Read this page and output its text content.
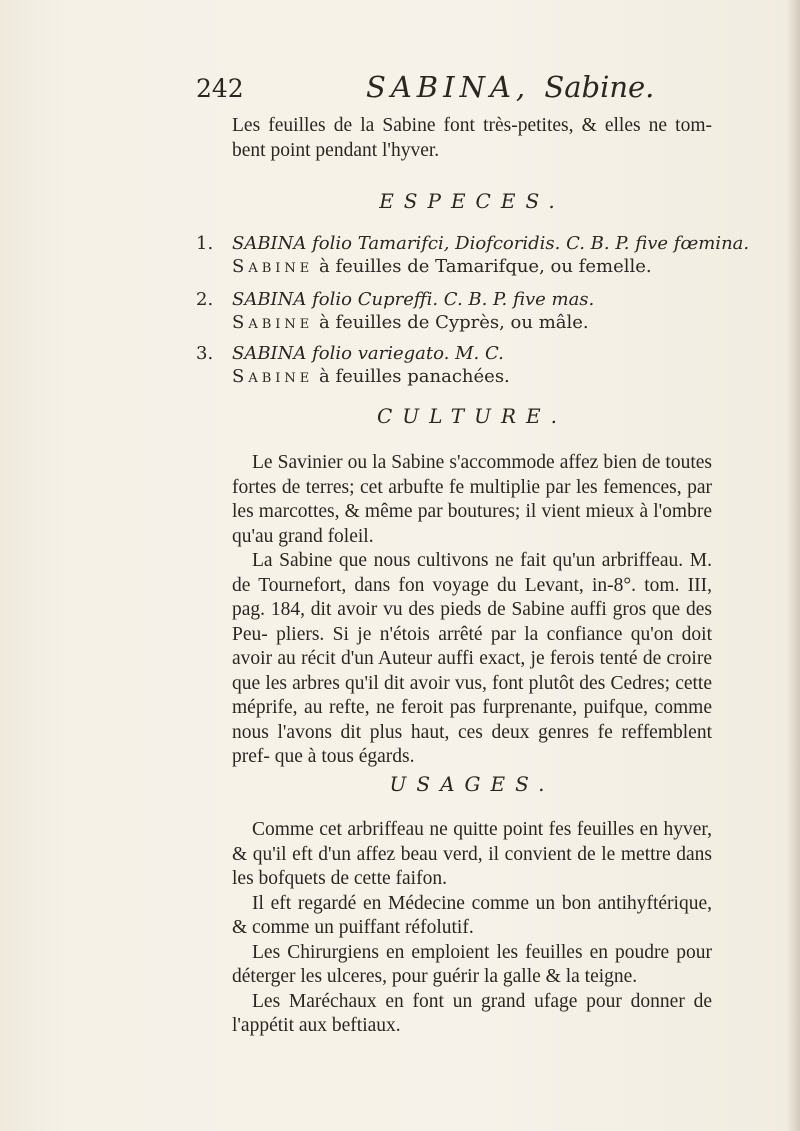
242	SABINA, Sabine.

Les feuilles de la Sabine font très-petites, & elles ne tom- bent point pendant l'hyver.

ESPECES.
1. SABINA folio Tamarifci, Diofcoridis. C. B. P. five fœmina.
Sabine à feuilles de Tamarifque, ou femelle.
2. SABINA folio Cupreffi. C. B. P. five mas.
Sabine à feuilles de Cyprès, ou mâle.
3. SABINA folio variegato. M. C.
Sabine à feuilles panachées.
CULTURE.

Le Savinier ou la Sabine s'accommode affez bien de toutes fortes de terres; cet arbufte fe multiplie par les femences, par les marcottes, & même par boutures; il vient mieux à l'ombre qu'au grand foleil.

La Sabine que nous cultivons ne fait qu'un arbriffeau. M. de Tournefort, dans fon voyage du Levant, in-8°. tom. III, pag. 184, dit avoir vu des pieds de Sabine auffi gros que des Peu- pliers. Si je n'étois arrêté par la confiance qu'on doit avoir au récit d'un Auteur auffi exact, je ferois tenté de croire que les arbres qu'il dit avoir vus, font plutôt des Cedres; cette méprife, au refte, ne feroit pas furprenante, puifque, comme nous l'avons dit plus haut, ces deux genres fe reffemblent pref- que à tous égards.

USAGES.

Comme cet arbriffeau ne quitte point fes feuilles en hyver, & qu'il eft d'un affez beau verd, il convient de le mettre dans les bofquets de cette faifon.

Il eft regardé en Médecine comme un bon antihyftérique, & comme un puiffant réfolutif.

Les Chirurgiens en emploient les feuilles en poudre pour déterger les ulceres, pour guérir la galle & la teigne.

Les Maréchaux en font un grand ufage pour donner de l'appétit aux beftiaux.
